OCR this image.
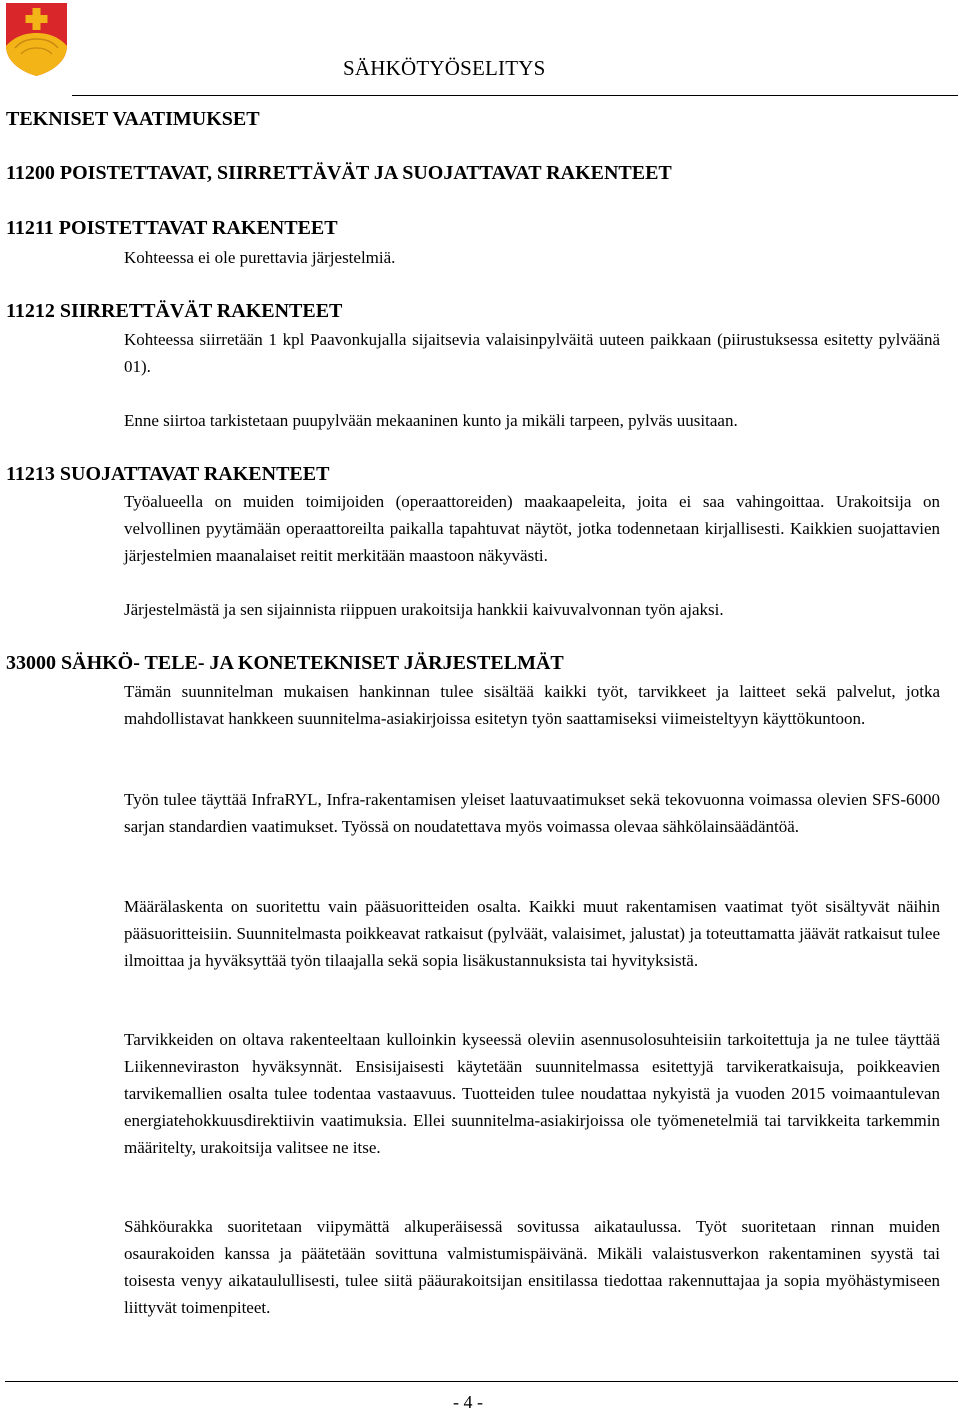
SÄHKÖTYÖSELITYS
TEKNISET VAATIMUKSET
11200 POISTETTAVAT, SIIRRETTÄVÄT JA SUOJATTAVAT RAKENTEET
11211 POISTETTAVAT RAKENTEET
Kohteessa ei ole purettavia järjestelmiä.
11212 SIIRRETTÄVÄT RAKENTEET
Kohteessa siirretään 1 kpl Paavonkujalla sijaitsevia valaisinpylväitä uuteen paikkaan (piirustuksessa esitetty pylväänä 01).
Enne siirtoa tarkistetaan puupylvään mekaaninen kunto ja mikäli tarpeen, pylväs uusitaan.
11213 SUOJATTAVAT RAKENTEET
Työalueella on muiden toimijoiden (operaattoreiden) maakaapeleita, joita ei saa vahingoittaa. Urakoitsija on velvollinen pyytämään operaattoreilta paikalla tapahtuvat näytöt, jotka todennetaan kirjallisesti. Kaikkien suojattavien järjestelmien maanalaiset reitit merkitään maastoon näkyvästi.
Järjestelmästä ja sen sijainnista riippuen urakoitsija hankkii kaivuvalvonnan työn ajaksi.
33000 SÄHKÖ- TELE- JA KONETEKNISET JÄRJESTELMÄT
Tämän suunnitelman mukaisen hankinnan tulee sisältää kaikki työt, tarvikkeet ja laitteet sekä palvelut, jotka mahdollistavat hankkeen suunnitelma-asiakirjoissa esitetyn työn saattamiseksi viimeisteltyyn käyttökuntoon.
Työn tulee täyttää InfraRYL, Infra-rakentamisen yleiset laatuvaatimukset sekä tekovuonna voimassa olevien SFS-6000 sarjan standardien vaatimukset. Työssä on noudatettava myös voimassa olevaa sähkölainsäädäntöä.
Määrälaskenta on suoritettu vain pääsuoritteiden osalta. Kaikki muut rakentamisen vaatimat työt sisältyvät näihin pääsuoritteisiin. Suunnitelmasta poikkeavat ratkaisut (pylväät, valaisimet, jalustat) ja toteuttamatta jäävät ratkaisut tulee ilmoittaa ja hyväksyttää työn tilaajalla sekä sopia lisäkustannuksista tai hyvityksistä.
Tarvikkeiden on oltava rakenteeltaan kulloinkin kyseessä oleviin asennusolosuhteisiin tarkoitettuja ja ne tulee täyttää Liikenneviraston hyväksynnät. Ensisijaisesti käytetään suunnitelmassa esitettyjä tarvikeratkaisuja, poikkeavien tarvikemallien osalta tulee todentaa vastaavuus. Tuotteiden tulee noudattaa nykyistä ja vuoden 2015 voimaantulevan energiatehokkuusdirektiivin vaatimuksia. Ellei suunnitelma-asiakirjoissa ole työmenetelmiä tai tarvikkeita tarkemmin määritelty, urakoitsija valitsee ne itse.
Sähköurakka suoritetaan viipymättä alkuperäisessä sovitussa aikataulussa. Työt suoritetaan rinnan muiden osaurakoiden kanssa ja päätetään sovittuna valmistumispäivänä. Mikäli valaistusverkon rakentaminen syystä tai toisesta venyy aikataulullisesti, tulee siitä pääurakoitsijan ensitilassa tiedottaa rakennuttajaa ja sopia myöhästymiseen liittyvät toimenpiteet.
- 4 -
